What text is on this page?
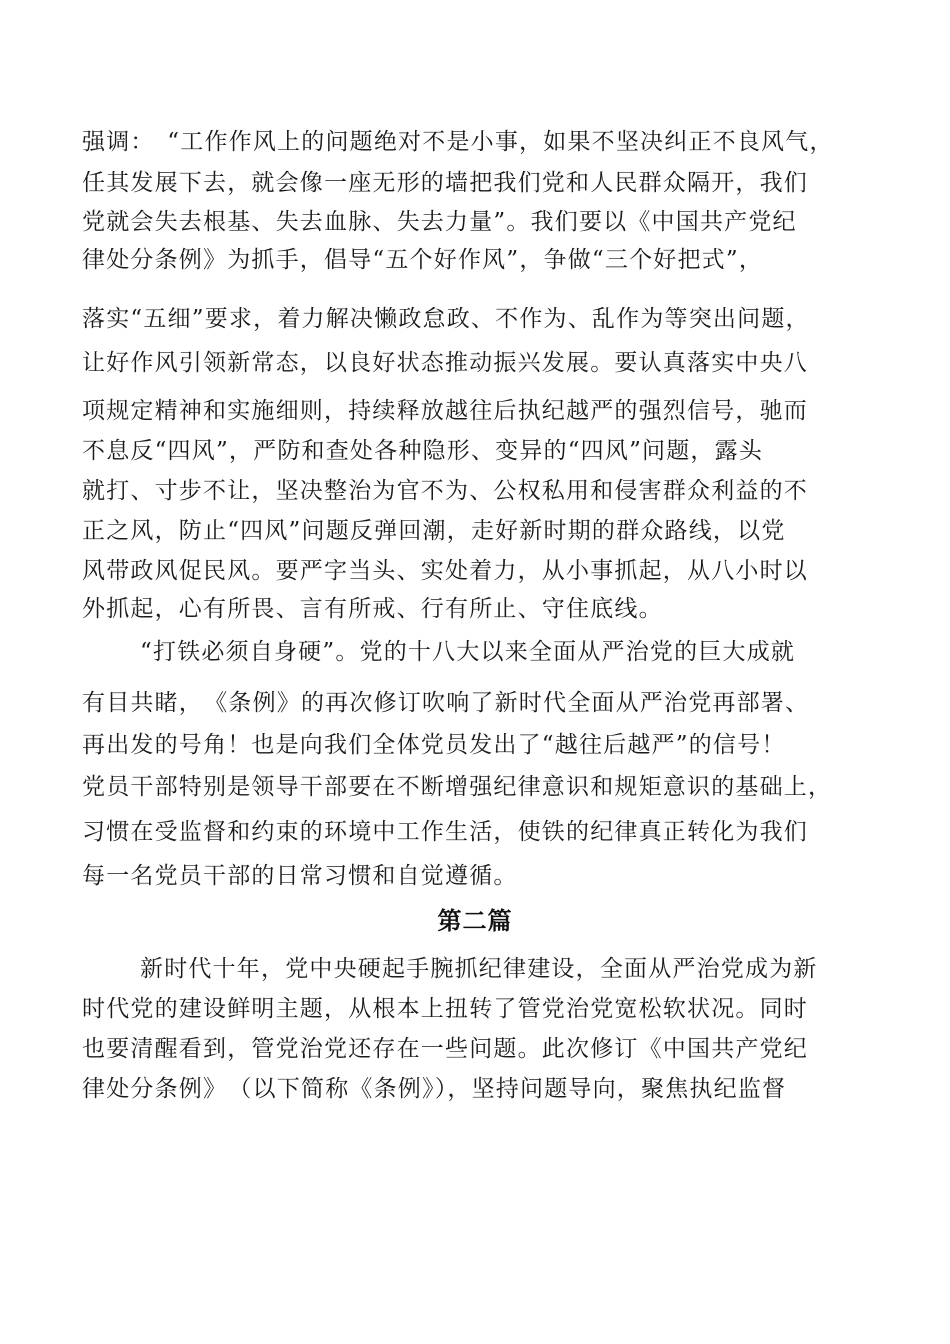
强调：　“工作作风上的问题绝对不是小事，如果不坚决纠正不良风气，
任其发展下去，就会像一座无形的墙把我们党和人民群众隔开，我们
党就会失去根基、失去血脉、失去力量”。我们要以《中国共产党纪
律处分条例》为抓手，倡导“五个好作风”，争做“三个好把式”，
落实“五细”要求，着力解决懒政怠政、不作为、乱作为等突出问题，
让好作风引领新常态，以良好状态推动振兴发展。要认真落实中央八
项规定精神和实施细则，持续释放越往后执纪越严的强烈信号，驰而
不息反“四风”，严防和查处各种隐形、变异的“四风”问题，露头
就打、寸步不让，坚决整治为官不为、公权私用和侵害群众利益的不
正之风，防止“四风”问题反弹回潮，走好新时期的群众路线，以党
风带政风促民风。要严字当头、实处着力，从小事抓起，从八小时以
外抓起，心有所畏、言有所戒、行有所止、守住底线。
“打铁必须自身硬”。党的十八大以来全面从严治党的巨大成就
有目共睹，　《条例》的再次修订吹响了新时代全面从严治党再部署、
再出发的号角！也是向我们全体党员发出了“越往后越严”的信号！
党员干部特别是领导干部要在不断增强纪律意识和规矩意识的基础上，
习惯在受监督和约束的环境中工作生活，使铁的纪律真正转化为我们
每一名党员干部的日常习惯和自觉遵循。
第二篇
新时代十年，党中央硬起手腕抓纪律建设，全面从严治党成为新
时代党的建设鲜明主题，从根本上扭转了管党治党宽松软状况。同时
也要清醒看到，管党治党还存在一些问题。此次修订《中国共产党纪
律处分条例》　（以下简称《条例》），坚持问题导向，聚焦执纪监督
